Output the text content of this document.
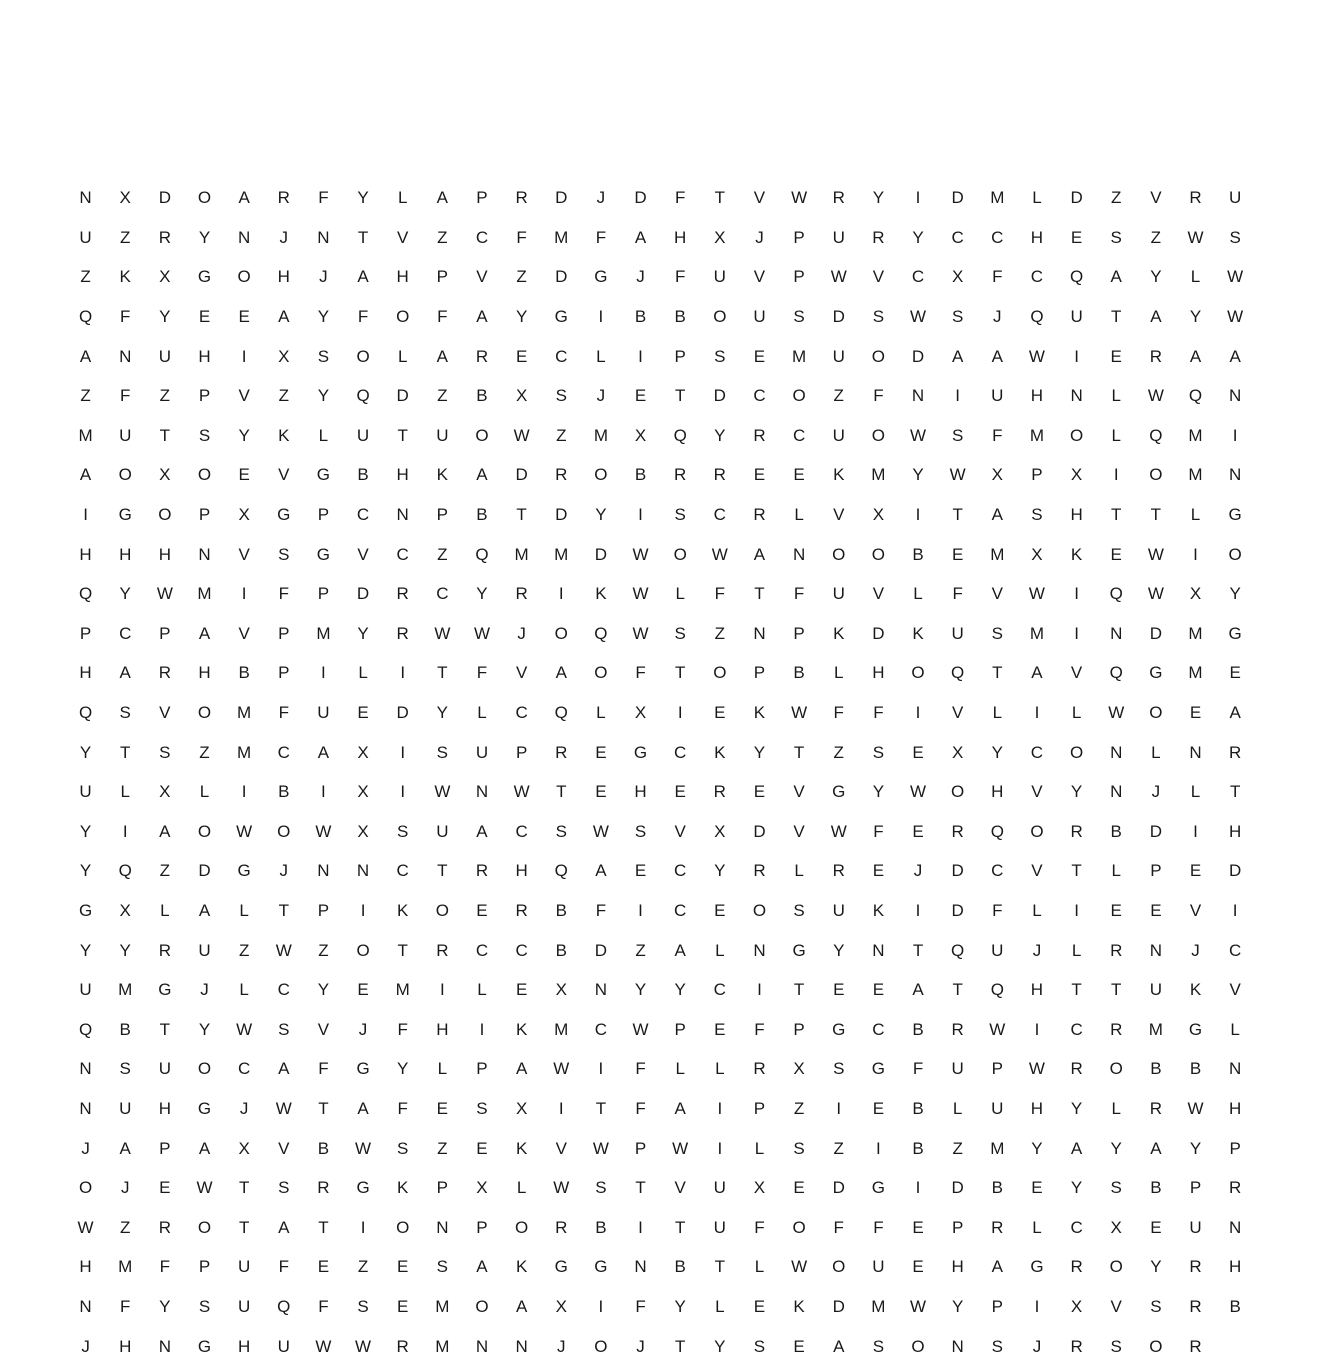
N	X	D	O	A	R	F	Y	L	A	P	R	D	J	D	F	T	V	W	R	Y	I	D	M	L	D	Z	V	R	U
U	Z	R	Y	N	J	N	T	V	Z	C	F	M	F	A	H	X	J	P	U	R	Y	C	C	H	E	S	Z	W	S
Z	K	X	G	O	H	J	A	H	P	V	Z	D	G	J	F	U	V	P	W	V	C	X	F	C	Q	A	Y	L	W
Q	F	Y	E	E	A	Y	F	O	F	A	Y	G	I	B	B	O	U	S	D	S	W	S	J	Q	U	T	A	Y	W
A	N	U	H	I	X	S	O	L	A	R	E	C	L	I	P	S	E	M	U	O	D	A	A	W	I	E	R	A	A
Z	F	Z	P	V	Z	Y	Q	D	Z	B	X	S	J	E	T	D	C	O	Z	F	N	I	U	H	N	L	W	Q	N
M	U	T	S	Y	K	L	U	T	U	O	W	Z	M	X	Q	Y	R	C	U	O	W	S	F	M	O	L	Q	M	I
A	O	X	O	E	V	G	B	H	K	A	D	R	O	B	R	R	E	E	K	M	Y	W	X	P	X	I	O	M	N
I	G	O	P	X	G	P	C	N	P	B	T	D	Y	I	S	C	R	L	V	X	I	T	A	S	H	T	T	L	G
H	H	H	N	V	S	G	V	C	Z	Q	M	M	D	W	O	W	A	N	O	O	B	E	M	X	K	E	W	I	O
Q	Y	W	M	I	F	P	D	R	C	Y	R	I	K	W	L	F	T	F	U	V	L	F	V	W	I	Q	W	X	Y
P	C	P	A	V	P	M	Y	R	W	W	J	O	Q	W	S	Z	N	P	K	D	K	U	S	M	I	N	D	M	G
H	A	R	H	B	P	I	L	I	T	F	V	A	O	F	T	O	P	B	L	H	O	Q	T	A	V	Q	G	M	E
Q	S	V	O	M	F	U	E	D	Y	L	C	Q	L	X	I	E	K	W	F	F	I	V	L	I	L	W	O	E	A
Y	T	S	Z	M	C	A	X	I	S	U	P	R	E	G	C	K	Y	T	Z	S	E	X	Y	C	O	N	L	N	R
U	L	X	L	I	B	I	X	I	W	N	W	T	E	H	E	R	E	V	G	Y	W	O	H	V	Y	N	J	L	T
Y	I	A	O	W	O	W	X	S	U	A	C	S	W	S	V	X	D	V	W	F	E	R	Q	O	R	B	D	I	H
Y	Q	Z	D	G	J	N	N	C	T	R	H	Q	A	E	C	Y	R	L	R	E	J	D	C	V	T	L	P	E	D
G	X	L	A	L	T	P	I	K	O	E	R	B	F	I	C	E	O	S	U	K	I	D	F	L	I	E	E	V	I
Y	Y	R	U	Z	W	Z	O	T	R	C	C	B	D	Z	A	L	N	G	Y	N	T	Q	U	J	L	R	N	J	C
U	M	G	J	L	C	Y	E	M	I	L	E	X	N	Y	Y	C	I	T	E	E	A	T	Q	H	T	T	U	K	V
Q	B	T	Y	W	S	V	J	F	H	I	K	M	C	W	P	E	F	P	G	C	B	R	W	I	C	R	M	G	L
N	S	U	O	C	A	F	G	Y	L	P	A	W	I	F	L	L	R	X	S	G	F	U	P	W	R	O	B	B	N
N	U	H	G	J	W	T	A	F	E	S	X	I	T	F	A	I	P	Z	I	E	B	L	U	H	Y	L	R	W	H
J	A	P	A	X	V	B	W	S	Z	E	K	V	W	P	W	I	L	S	Z	I	B	Z	M	Y	A	Y	A	Y	P
O	J	E	W	T	S	R	G	K	P	X	L	W	S	T	V	U	X	E	D	G	I	D	B	E	Y	S	B	P	R
W	Z	R	O	T	A	T	I	O	N	P	O	R	B	I	T	U	F	O	F	F	E	P	R	L	C	X	E	U	N
H	M	F	P	U	F	E	Z	E	S	A	K	G	G	N	B	T	L	W	O	U	E	H	A	G	R	O	Y	R	H
N	F	Y	S	U	Q	F	S	E	M	O	A	X	I	F	Y	L	E	K	D	M	W	Y	P	I	X	V	S	R	B
J	H	N	G	H	U	W	W	R	M	N	N	J	O	J	T	Y	S	E	A	S	O	N	S	J	R	S	O	R
